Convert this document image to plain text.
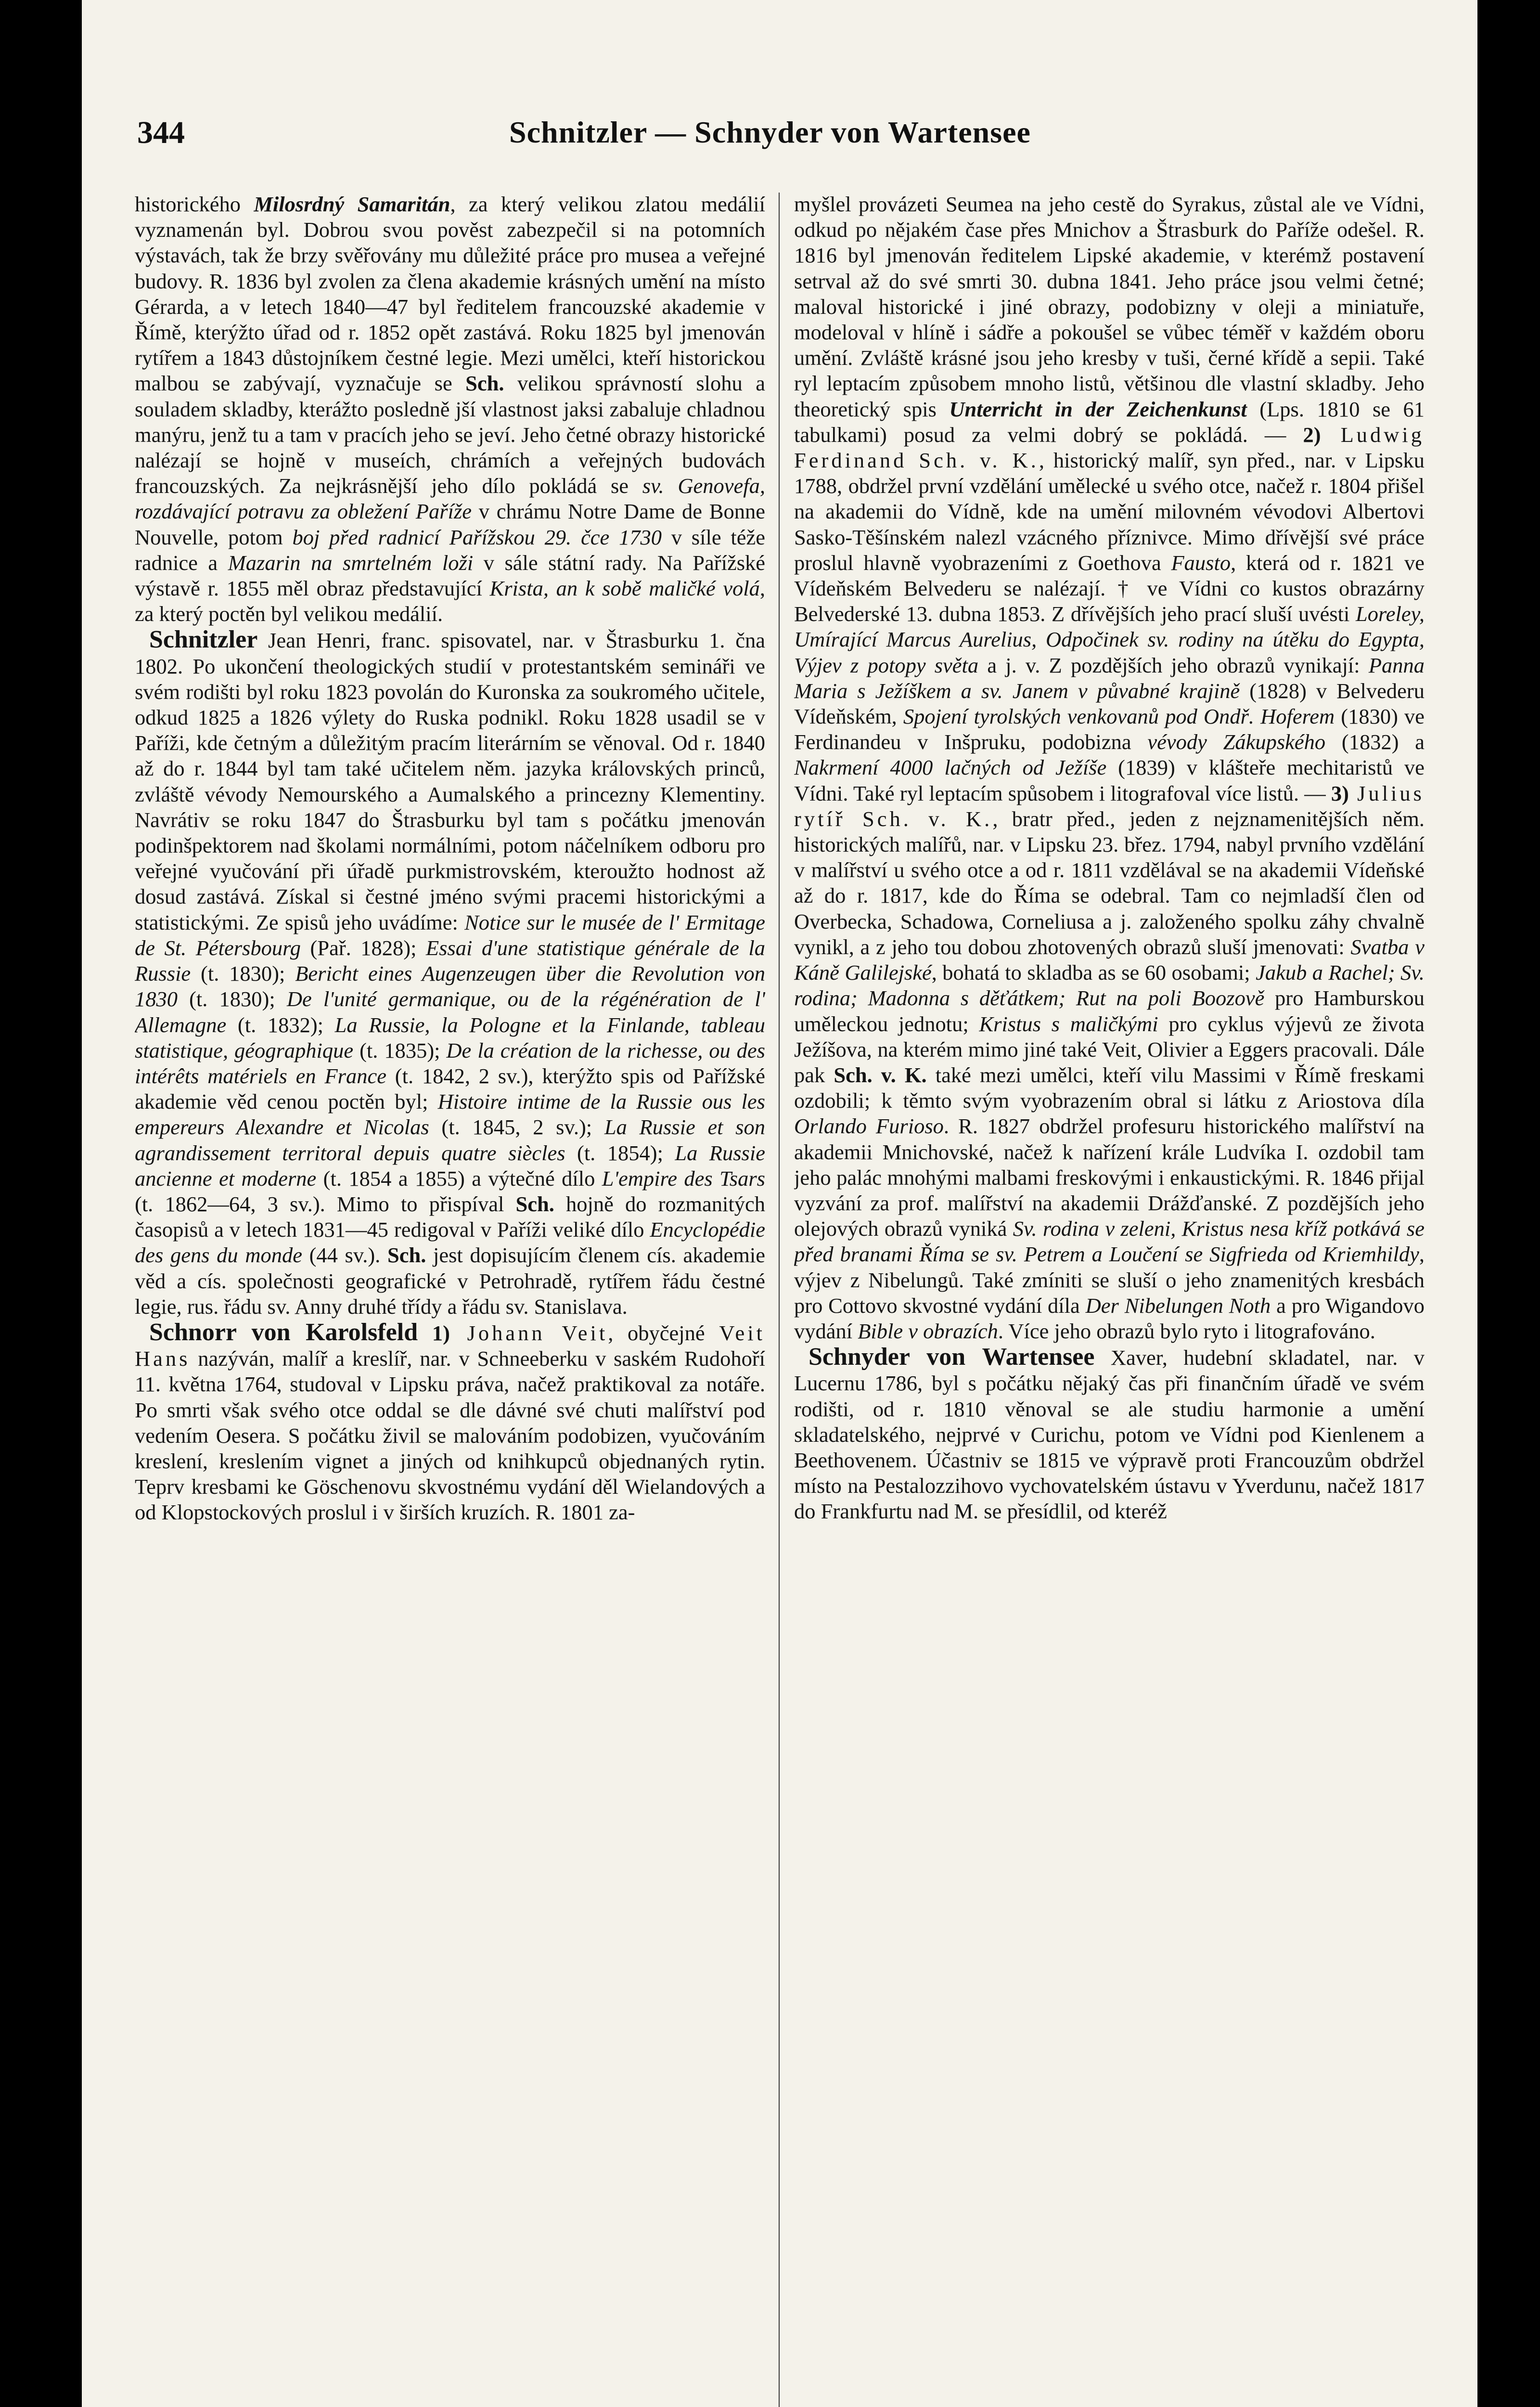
344	Schnitzler — Schnyder von Wartensee

historického Milosrdný Samaritán, za který velikou zlatou medálií vyznamenán byl. Dobrou svou pověst zabezpečil si na potomních výstavách, tak že brzy svěřovány mu důležité práce pro musea a veřejné budovy. R. 1836 byl zvolen za člena akademie krásných umění na místo Gérarda, a v letech 1840—47 byl ředitelem francouzské akademie v Římě, kterýžto úřad od r. 1852 opět zastává. Roku 1825 byl jmenován rytířem a 1843 důstojníkem čestné legie. Mezi umělci, kteří historickou malbou se zabývají, vyznačuje se Sch. velikou správností slohu a souladem skladby, kterážto posledně jší vlastnost jaksi zabaluje chladnou manýru, jenž tu a tam v pracích jeho se jeví. Jeho četné obrazy historické nalézají se hojně v museích, chrámích a veřejných budovách francouzských. Za nejkrásnější jeho dílo pokládá se sv. Genovefa, rozdávající potravu za obležení Paříže v chrámu Notre Dame de Bonne Nouvelle, potom boj před radnicí Pařížskou 29. čce 1730 v síle téže radnice a Mazarin na smrtelném loži v sále státní rady. Na Pařížské výstavě r. 1855 měl obraz představující Krista, an k sobě maličké volá, za který poctěn byl velikou medálií.

Schnitzler Jean Henri, franc. spisovatel, nar. v Štrasburku 1. čna 1802. Po ukončení theologických studií v protestantském semináři ve svém rodišti byl roku 1823 povolán do Kuronska za soukromého učitele, odkud 1825 a 1826 výlety do Ruska podnikl. Roku 1828 usadil se v Paříži, kde četným a důležitým pracím literárním se věnoval. Od r. 1840 až do r. 1844 byl tam také učitelem něm. jazyka královských princů, zvláště vévody Nemourského a Aumalského a princezny Klementiny. Navrátiv se roku 1847 do Štrasburku byl tam s počátku jmenován podinšpektorem nad školami normálními, potom náčelníkem odboru pro veřejné vyučování při úřadě purkmistrovském, kteroužto hodnost až dosud zastává. Získal si čestné jméno svými pracemi historickými a statistickými. Ze spisů jeho uvádíme: Notice sur le musée de l' Ermitage de St. Pétersbourg (Pař. 1828); Essai d'une statistique générale de la Russie (t. 1830); Bericht eines Augenzeugen über die Revolution von 1830 (t. 1830); De l'unité germanique, ou de la régénération de l' Allemagne (t. 1832); La Russie, la Pologne et la Finlande, tableau statistique, géographique (t. 1835); De la création de la richesse, ou des intérêts matériels en France (t. 1842, 2 sv.), kterýžto spis od Pařížské akademie věd cenou poctěn byl; Histoire intime de la Russie ous les empereurs Alexandre et Nicolas (t. 1845, 2 sv.); La Russie et son agrandissement territoral depuis quatre siècles (t. 1854); La Russie ancienne et moderne (t. 1854 a 1855) a výtečné dílo L'empire des Tsars (t. 1862—64, 3 sv.). Mimo to přispíval Sch. hojně do rozmanitých časopisů a v letech 1831—45 redigoval v Paříži veliké dílo Encyclopédie des gens du monde (44 sv.). Sch. jest dopisujícím členem cís. akademie věd a cís. společnosti geografické v Petrohradě, rytířem řádu čestné legie, rus. řádu sv. Anny druhé třídy a řádu sv. Stanislava.

Schnorr von Karolsfeld 1) Johann Veit, obyčejné Veit Hans nazýván, malíř a kreslíř, nar. v Schneeberku v saském Rudohoří 11. května 1764, studoval v Lipsku práva, načež praktikoval za notáře. Po smrti však svého otce oddal se dle dávné své chuti malířství pod vedením Oesera. S počátku živil se malováním podobizen, vyučováním kreslení, kreslením vignet a jiných od knihkupců objednaných rytin. Teprv kresbami ke Göschenovu skvostnému vydání děl Wielandových a od Klopstockových proslul i v širších kruzích. R. 1801 za-

myšlel provázeti Seumea na jeho cestě do Syrakus, zůstal ale ve Vídni, odkud po nějakém čase přes Mnichov a Štrasburk do Paříže odešel. R. 1816 byl jmenován ředitelem Lipské akademie, v kterémž postavení setrval až do své smrti 30. dubna 1841. Jeho práce jsou velmi četné; maloval historické i jiné obrazy, podobizny v oleji a miniatuře, modeloval v hlíně i sádře a pokoušel se vůbec téměř v každém oboru umění. Zvláště krásné jsou jeho kresby v tuši, černé křídě a sepii. Také ryl leptacím způsobem mnoho listů, většinou dle vlastní skladby. Jeho theoretický spis Unterricht in der Zeichenkunst (Lps. 1810 se 61 tabulkami) posud za velmi dobrý se pokládá. — 2) Ludwig Ferdinand Sch. v. K., historický malíř, syn před., nar. v Lipsku 1788, obdržel první vzdělání umělecké u svého otce, načež r. 1804 přišel na akademii do Vídně, kde na umění milovném vévodovi Albertovi Sasko-Těšínském nalezl vzácného příznivce. Mimo dřívější své práce proslul hlavně vyobrazeními z Goethova Fausto, která od r. 1821 ve Vídeňském Belvederu se nalézají. † ve Vídni co kustos obrazárny Belvederské 13. dubna 1853. Z dřívějších jeho prací sluší uvésti Loreley, Umírající Marcus Aurelius, Odpočinek sv. rodiny na útěku do Egypta, Výjev z potopy světa a j. v. Z pozdějších jeho obrazů vynikají: Panna Maria s Ježíškem a sv. Janem v půvabné krajině (1828) v Belvederu Vídeňském, Spojení tyrolských venkovanů pod Ondř. Hoferem (1830) ve Ferdinandeu v Inšpruku, podobizna vévody Zákupského (1832) a Nakrmení 4000 lačných od Ježíše (1839) v klášteře mechitaristů ve Vídni. Také ryl leptacím spůsobem i litografoval více listů. — 3) Julius rytíř Sch. v. K., bratr před., jeden z nejznamenitějších něm. historických malířů, nar. v Lipsku 23. břez. 1794, nabyl prvního vzdělání v malířství u svého otce a od r. 1811 vzdělával se na akademii Vídeňské až do r. 1817, kde do Říma se odebral. Tam co nejmladší člen od Overbecka, Schadowa, Corneliusa a j. založeného spolku záhy chvalně vynikl, a z jeho tou dobou zhotovených obrazů sluší jmenovati: Svatba v Káně Galilejské, bohatá to skladba as se 60 osobami; Jakub a Rachel; Sv. rodina; Madonna s děťátkem; Rut na poli Boozově pro Hamburskou uměleckou jednotu; Kristus s maličkými pro cyklus výjevů ze života Ježíšova, na kterém mimo jiné také Veit, Olivier a Eggers pracovali. Dále pak Sch. v. K. také mezi umělci, kteří vilu Massimi v Římě freskami ozdobili; k těmto svým vyobrazením obral si látku z Ariostova díla Orlando Furioso. R. 1827 obdržel profesuru historického malířství na akademii Mnichovské, načež k nařízení krále Ludvíka I. ozdobil tam jeho palác mnohými malbami freskovými i enkaustickými. R. 1846 přijal vyzvání za prof. malířství na akademii Drážďanské. Z pozdějších jeho olejových obrazů vyniká Sv. rodina v zeleni, Kristus nesa kříž potkává se před branami Říma se sv. Petrem a Loučení se Sigfrieda od Kriemhildy, výjev z Nibelungů. Také zmíniti se sluší o jeho znamenitých kresbách pro Cottovo skvostné vydání díla Der Nibelungen Noth a pro Wigandovo vydání Bible v obrazích. Více jeho obrazů bylo ryto i litografováno.

Schnyder von Wartensee Xaver, hudební skladatel, nar. v Lucernu 1786, byl s počátku nějaký čas při finančním úřadě ve svém rodišti, od r. 1810 věnoval se ale studiu harmonie a umění skladatelského, nejprvé v Curichu, potom ve Vídni pod Kienlenem a Beethovenem. Účastniv se 1815 ve výpravě proti Francouzům obdržel místo na Pestalozzihovo vychovatelském ústavu v Yverdunu, načež 1817 do Frankfurtu nad M. se přesídlil, od kteréž
